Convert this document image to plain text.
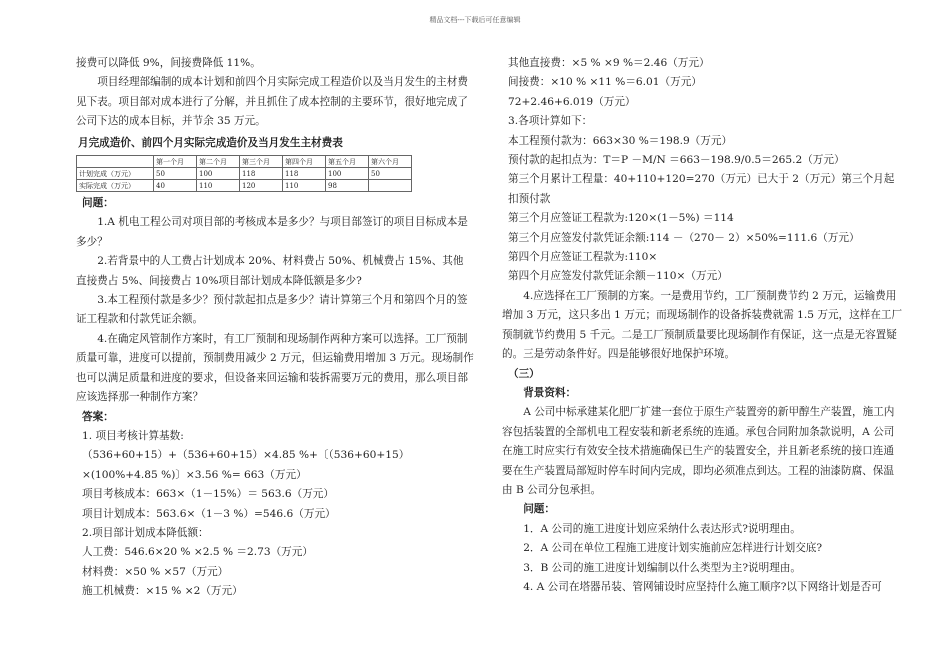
精品文档---下载后可任意编辑

接费可以降低 9%，间接费降低 11%。

项目经理部编制的成本计划和前四个月实际完成工程造价以及当月发生的主材费见下表。项目部对成本进行了分解，并且抓住了成本控制的主要环节，很好地完成了公司下达的成本目标，并节余 35 万元。

月完成造价、前四个月实际完成造价及当月发生主材费表
	第一个月	第二个月	第三个月	第四个月	第五个月	第六个月
计划完成（万元）	50	100	118	118	100	50
实际完成（万元）	40	110	120	110	98	

问题：

1.A 机电工程公司对项目部的考核成本是多少？与项目部签订的项目目标成本是多少？

2.若背景中的人工费占计划成本 20%、材料费占 50%、机械费占 15%、其他直接费占 5%、间接费占 10%项目部计划成本降低额是多少?

3.本工程预付款是多少？预付款起扣点是多少？请计算第三个月和第四个月的签证工程款和付款凭证余额。

4.在确定风管制作方案时，有工厂预制和现场制作两种方案可以选择。工厂预制质量可靠，进度可以提前，预制费用减少 2 万元，但运输费用增加 3 万元。现场制作也可以满足质量和进度的要求，但设备来回运输和装拆需要万元的费用，那么项目部应该选择那一种制作方案？

答案：

1. 项目考核计算基数:

（536+60+15）+（536+60+15）×4.85 %+〔（536+60+15）×(100%+4.85 %)〕×3.56 %= 663（万元）

项目考核成本：663×（1－15%）＝ 563.6（万元）

项目计划成本：563.6×（1－3 %）=546.6（万元）

2.项目部计划成本降低额：

人工费：546.6×20 % ×2.5 % ＝2.73（万元）

材料费：×50 % ×57（万元）

施工机械费：×15 % ×2（万元）

其他直接费：×5 % ×9 %＝2.46（万元）

间接费：×10 % ×11 %＝6.01（万元）

72+2.46+6.019（万元）

3.各项计算如下：

本工程预付款为：663×30 %＝198.9（万元）

预付款的起扣点为：T＝P －M/N ＝663－198.9/0.5＝265.2（万元）

第三个月累计工程量：40+110+120=270（万元）已大于 2（万元）第三个月起扣预付款

第三个月应签证工程款为:120×(1－5%) ＝114

第三个月应签发付款凭证余额:114 －（270－ 2）×50%=111.6（万元）

第四个月应签证工程款为:110×

第四个月应签发付款凭证余额－110×（万元）

4.应选择在工厂预制的方案。一是费用节约，工厂预制费节约 2 万元，运输费用增加 3 万元，这只多出 1 万元；而现场制作的设备拆装费就需 1.5 万元，这样在工厂预制就节约费用 5 千元。二是工厂预制质量要比现场制作有保证，这一点是无容置疑的。三是劳动条件好。四是能够很好地保护环境。

（三）

背景资料：

A 公司中标承建某化肥厂扩建一套位于原生产装置旁的新甲醇生产装置，施工内容包括装置的全部机电工程安装和新老系统的连通。承包合同附加条款说明，A 公司在施工时应实行有效安全技术措施确保已生产的装置安全，并且新老系统的接口连通要在生产装置局部短时停车时间内完成，即均必须准点到达。工程的油漆防腐、保温由 B 公司分包承担。

问题：

1．A 公司的施工进度计划应采纳什么表达形式?说明理由。

2．A 公司在单位工程施工进度计划实施前应怎样进行计划交底?

3．B 公司的施工进度计划编制以什么类型为主?说明理由。

4. A 公司在塔器吊装、管网铺设时应坚持什么施工顺序?以下网络计划是否可
